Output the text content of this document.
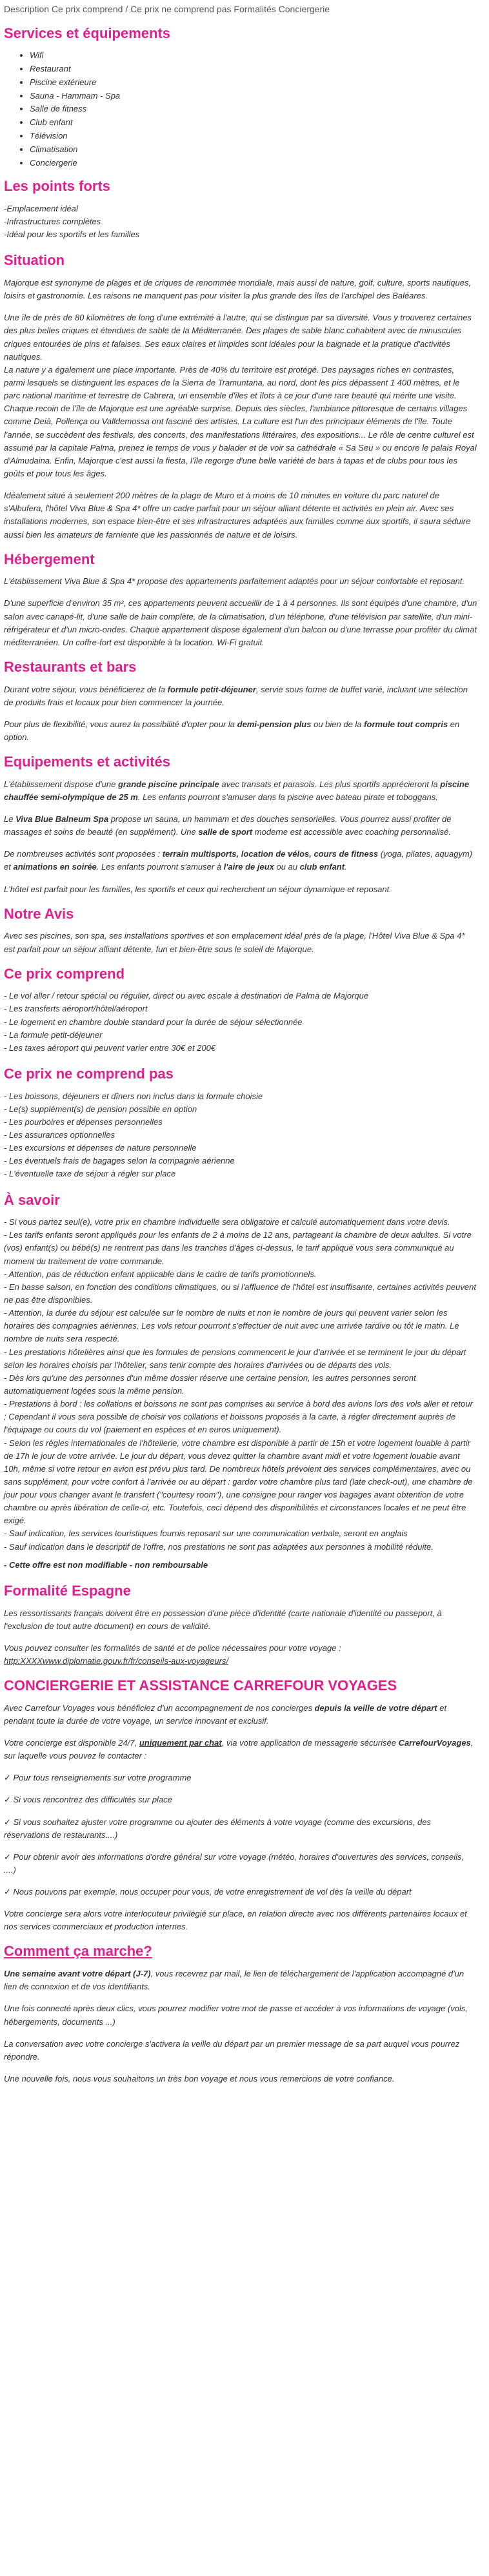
Description Ce prix comprend / Ce prix ne comprend pas Formalités Conciergerie
Services et équipements
• Wifi
• Restaurant
• Piscine extérieure
• Sauna - Hammam - Spa
• Salle de fitness
• Club enfant
• Télévision
• Climatisation
• Conciergerie
Les points forts
-Emplacement idéal
-Infrastructures complètes
-Idéal pour les sportifs et les familles
Situation

Majorque est synonyme de plages et de criques de renommée mondiale, mais aussi de nature, golf, culture, sports nautiques, loisirs et gastronomie. Les raisons ne manquent pas pour visiter la plus grande des îles de l'archipel des Baléares.

Une île de près de 80 kilomètres de long d'une extrémité à l'autre, qui se distingue par sa diversité. Vous y trouverez certaines des plus belles criques et étendues de sable de la Méditerranée. Des plages de sable blanc cohabitent avec de minuscules criques entourées de pins et falaises. Ses eaux claires et limpides sont idéales pour la baignade et la pratique d'activités nautiques.

La nature y a également une place importante. Près de 40% du territoire est protégé. Des paysages riches en contrastes, parmi lesquels se distinguent les espaces de la Sierra de Tramuntana, au nord, dont les pics dépassent 1 400 mètres, et le parc national maritime et terrestre de Cabrera, un ensemble d'îles et îlots à ce jour d'une rare beauté qui mérite une visite. Chaque recoin de l'île de Majorque est une agréable surprise. Depuis des siècles, l'ambiance pittoresque de certains villages comme Deià, Pollença ou Valldemossa ont fasciné des artistes. La culture est l'un des principaux éléments de l'île. Toute l'année, se succèdent des festivals, des concerts, des manifestations littéraires, des expositions... Le rôle de centre culturel est assumé par la capitale Palma, prenez le temps de vous y balader et de voir sa cathédrale « Sa Seu » ou encore le palais Royal d'Almudaina. Enfin, Majorque c'est aussi la fiesta, l'île regorge d'une belle variété de bars à tapas et de clubs pour tous les goûts et pour tous les âges.

Idéalement situé à seulement 200 mètres de la plage de Muro et à moins de 10 minutes en voiture du parc naturel de s'Albufera, l'hôtel Viva Blue & Spa 4* offre un cadre parfait pour un séjour alliant détente et activités en plein air. Avec ses installations modernes, son espace bien-être et ses infrastructures adaptées aux familles comme aux sportifs, il saura séduire aussi bien les amateurs de farniente que les passionnés de nature et de loisirs.

Hébergement

L'établissement Viva Blue & Spa 4* propose des appartements parfaitement adaptés pour un séjour confortable et reposant.

D'une superficie d'environ 35 m², ces appartements peuvent accueillir de 1 à 4 personnes. Ils sont équipés d'une chambre, d'un salon avec canapé-lit, d'une salle de bain complète, de la climatisation, d'un téléphone, d'une télévision par satellite, d'un mini-réfrigérateur et d'un micro-ondes. Chaque appartement dispose également d'un balcon ou d'une terrasse pour profiter du climat méditerranéen. Un coffre-fort est disponible à la location. Wi-Fi gratuit.

Restaurants et bars

Durant votre séjour, vous bénéficierez de la formule petit-déjeuner, servie sous forme de buffet varié, incluant une sélection de produits frais et locaux pour bien commencer la journée.

Pour plus de flexibilité, vous aurez la possibilité d'opter pour la demi-pension plus ou bien de la formule tout compris en option.

Equipements et activités

L'établissement dispose d'une grande piscine principale avec transats et parasols. Les plus sportifs apprécieront la piscine chauffée semi-olympique de 25 m. Les enfants pourront s'amuser dans la piscine avec bateau pirate et toboggans.

Le Viva Blue Balneum Spa propose un sauna, un hammam et des douches sensorielles. Vous pourrez aussi profiter de massages et soins de beauté (en supplément). Une salle de sport moderne est accessible avec coaching personnalisé.

De nombreuses activités sont proposées : terrain multisports, location de vélos, cours de fitness (yoga, pilates, aquagym) et animations en soirée. Les enfants pourront s'amuser à l'aire de jeux ou au club enfant.

L'hôtel est parfait pour les familles, les sportifs et ceux qui recherchent un séjour dynamique et reposant.

Notre Avis

Avec ses piscines, son spa, ses installations sportives et son emplacement idéal près de la plage, l'Hôtel Viva Blue & Spa 4* est parfait pour un séjour alliant détente, fun et bien-être sous le soleil de Majorque.

Ce prix comprend
- Le vol aller / retour spécial ou régulier, direct ou avec escale à destination de Palma de Majorque
- Les transferts aéroport/hôtel/aéroport
- Le logement en chambre double standard pour la durée de séjour sélectionnée
- La formule petit-déjeuner
- Les taxes aéroport qui peuvent varier entre 30€ et 200€
Ce prix ne comprend pas
- Les boissons, déjeuners et dîners non inclus dans la formule choisie
- Le(s) supplément(s) de pension possible en option
- Les pourboires et dépenses personnelles
- Les assurances optionnelles
- Les excursions et dépenses de nature personnelle
- Les éventuels frais de bagages selon la compagnie aérienne
- L'éventuelle taxe de séjour à régler sur place
À savoir
- Si vous partez seul(e), votre prix en chambre individuelle sera obligatoire et calculé automatiquement dans votre devis.
- Les tarifs enfants seront appliqués pour les enfants de 2 à moins de 12 ans, partageant la chambre de deux adultes. Si votre (vos) enfant(s) ou bébé(s) ne rentrent pas dans les tranches d'âges ci-dessus, le tarif appliqué vous sera communiqué au moment du traitement de votre commande.
- Attention, pas de réduction enfant applicable dans le cadre de tarifs promotionnels.
- En basse saison, en fonction des conditions climatiques, ou si l'affluence de l'hôtel est insuffisante, certaines activités peuvent ne pas être disponibles.
- Attention, la durée du séjour est calculée sur le nombre de nuits et non le nombre de jours qui peuvent varier selon les horaires des compagnies aériennes. Les vols retour pourront s'effectuer de nuit avec une arrivée tardive ou tôt le matin. Le nombre de nuits sera respecté.
- Les prestations hôtelières ainsi que les formules de pensions commencent le jour d'arrivée et se terminent le jour du départ selon les horaires choisis par l'hôtelier, sans tenir compte des horaires d'arrivées ou de départs des vols.
- Dès lors qu'une des personnes d'un même dossier réserve une certaine pension, les autres personnes seront automatiquement logées sous la même pension.
- Prestations à bord : les collations et boissons ne sont pas comprises au service à bord des avions lors des vols aller et retour ; Cependant il vous sera possible de choisir vos collations et boissons proposés à la carte, à régler directement auprès de l'équipage ou cours du vol (paiement en espèces et en euros uniquement).
- Selon les règles internationales de l'hôtellerie, votre chambre est disponible à partir de 15h et votre logement louable à partir de 17h le jour de votre arrivée. Le jour du départ, vous devez quitter la chambre avant midi et votre logement louable avant 10h, même si votre retour en avion est prévu plus tard. De nombreux hôtels prévoient des services complémentaires, avec ou sans supplément, pour votre confort à l'arrivée ou au départ : garder votre chambre plus tard (late check-out), une chambre de jour pour vous changer avant le transfert ("courtesy room"), une consigne pour ranger vos bagages avant obtention de votre chambre ou après libération de celle-ci, etc. Toutefois, ceci dépend des disponibilités et circonstances locales et ne peut être exigé.
- Sauf indication, les services touristiques fournis reposant sur une communication verbale, seront en anglais
- Sauf indication dans le descriptif de l'offre, nos prestations ne sont pas adaptées aux personnes à mobilité réduite.
- Cette offre est non modifiable - non remboursable
Formalité Espagne

Les ressortissants français doivent être en possession d'une pièce d'identité (carte nationale d'identité ou passeport, à l'exclusion de tout autre document) en cours de validité.

Vous pouvez consulter les formalités de santé et de police nécessaires pour votre voyage :
http:XXXXwww.diplomatie.gouv.fr/fr/conseils-aux-voyageurs/

CONCIERGERIE ET ASSISTANCE CARREFOUR VOYAGES

Avec Carrefour Voyages vous bénéficiez d'un accompagnement de nos concierges depuis la veille de votre départ et pendant toute la durée de votre voyage, un service innovant et exclusif.

Votre concierge est disponible 24/7, uniquement par chat, via votre application de messagerie sécurisée CarrefourVoyages, sur laquelle vous pouvez le contacter :

✓ Pour tous renseignements sur votre programme

✓ Si vous rencontrez des difficultés sur place

✓ Si vous souhaitez ajuster votre programme ou ajouter des éléments à votre voyage (comme des excursions, des réservations de restaurants....)

✓ Pour obtenir avoir des informations d'ordre général sur votre voyage (météo, horaires d'ouvertures des services, conseils, ....)

✓ Nous pouvons par exemple, nous occuper pour vous, de votre enregistrement de vol dès la veille du départ

Votre concierge sera alors votre interlocuteur privilégié sur place, en relation directe avec nos différents partenaires locaux et nos services commerciaux et production internes.

Comment ça marche?

Une semaine avant votre départ (J-7), vous recevrez par mail, le lien de téléchargement de l'application accompagné d'un lien de connexion et de vos identifiants.

Une fois connecté après deux clics, vous pourrez modifier votre mot de passe et accéder à vos informations de voyage (vols, hébergements, documents ...)

La conversation avec votre concierge s'activera la veille du départ par un premier message de sa part auquel vous pourrez répondre.

Une nouvelle fois, nous vous souhaitons un très bon voyage et nous vous remercions de votre confiance.
